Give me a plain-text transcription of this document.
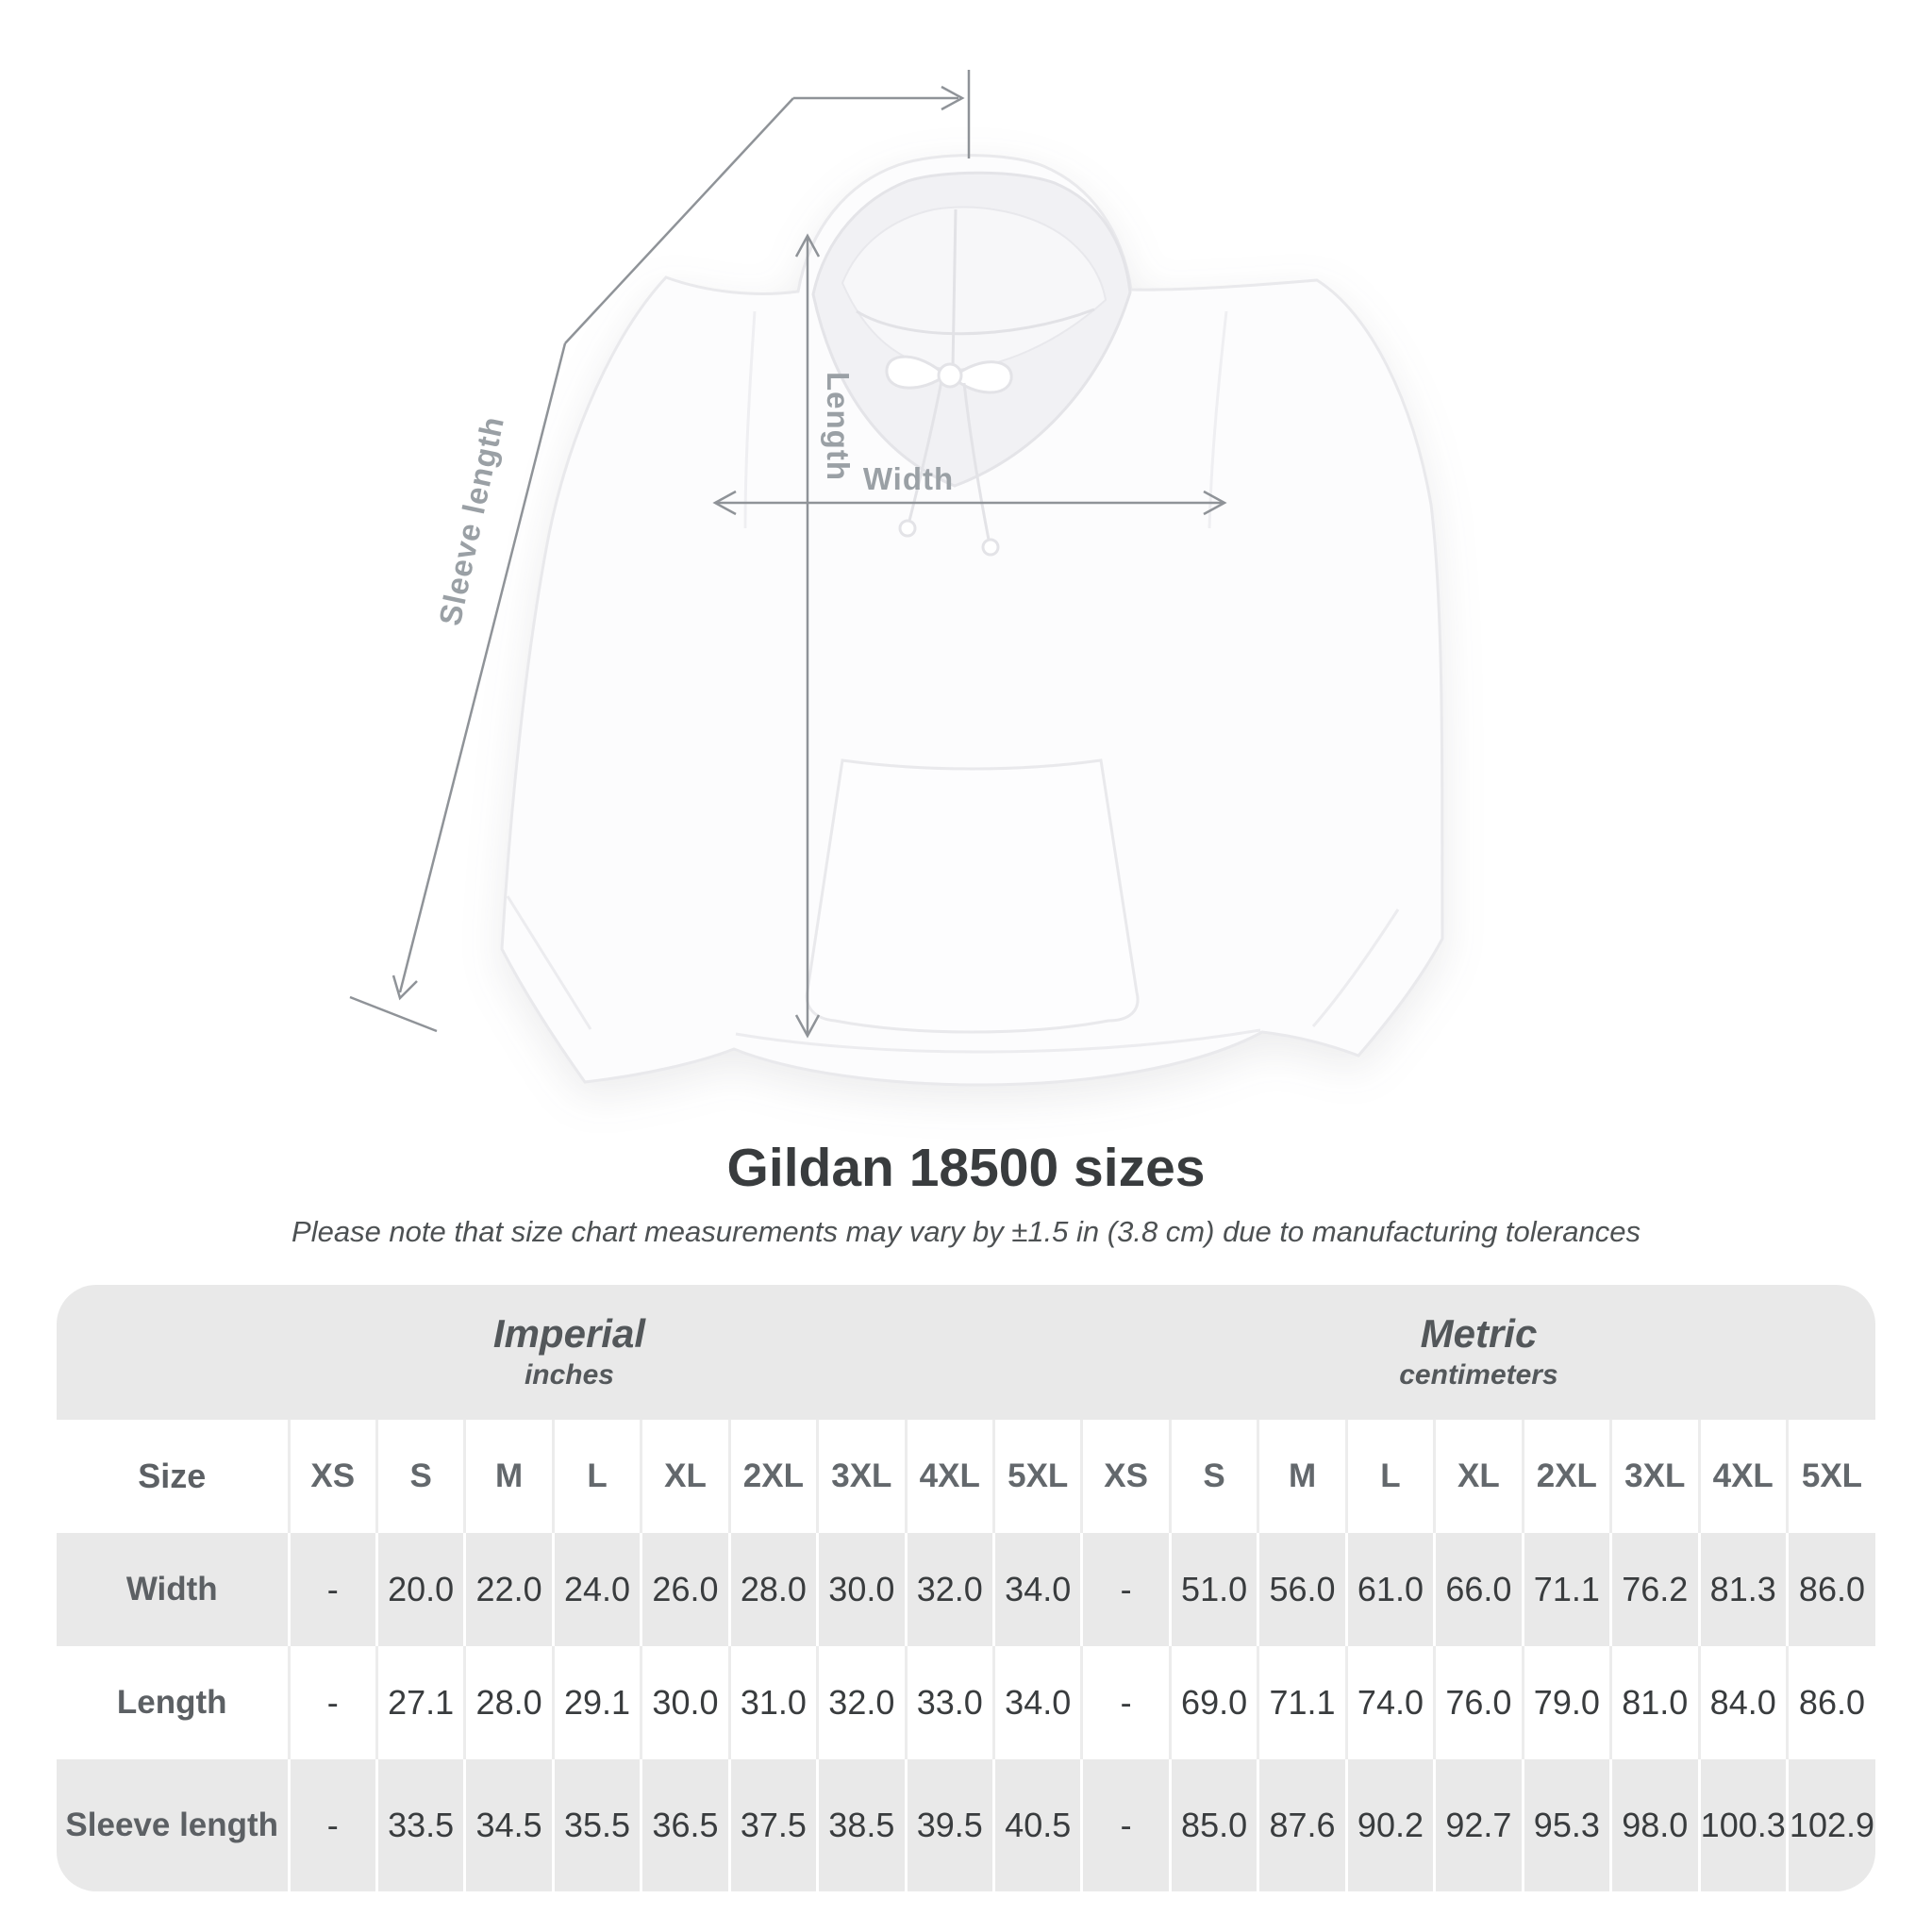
Sleeve length	Length Width
Gildan 18500 sizes
Please note that size chart measurements may vary by ±1.5 in (3.8 cm) due to manufacturing tolerances
Imperial
inches

Metric
centimeters

Size	XS	S	M	L	XL	2XL	3XL	4XL	5XL	XS	S	M	L	XL	2XL	3XL	4XL	5XL
Width	-	20.0	22.0	24.0	26.0	28.0	30.0	32.0	34.0	-	51.0	56.0	61.0	66.0	71.1	76.2	81.3	86.0
Length	-	27.1	28.0	29.1	30.0	31.0	32.0	33.0	34.0	-	69.0	71.1	74.0	76.0	79.0	81.0	84.0	86.0
Sleeve length	-	33.5	34.5	35.5	36.5	37.5	38.5	39.5	40.5	-	85.0	87.6	90.2	92.7	95.3	98.0	100.3	102.9
